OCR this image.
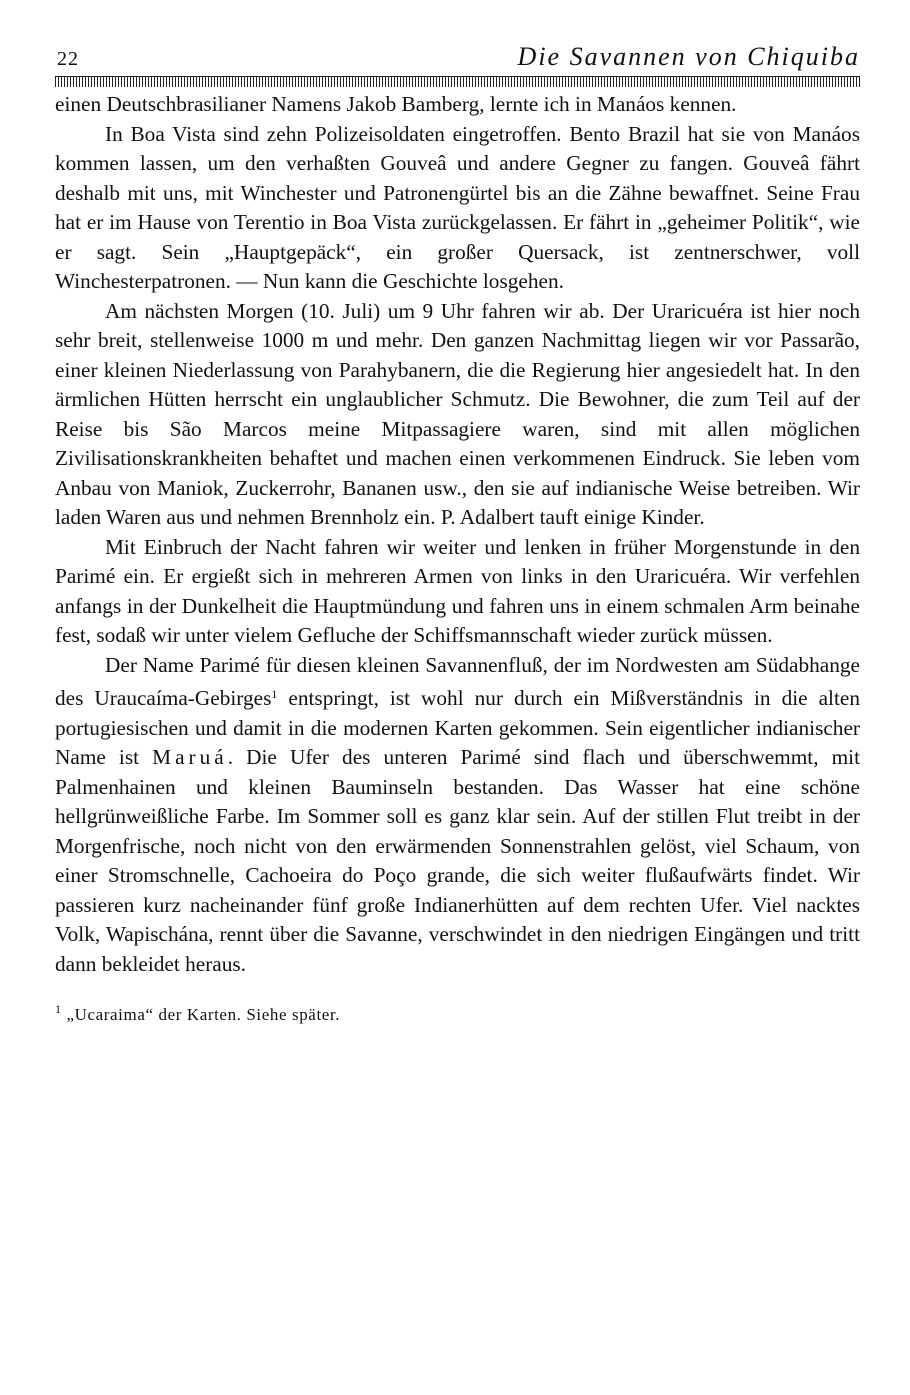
22	Die Savannen von Chiquiba

einen Deutschbrasilianer Namens Jakob Bamberg, lernte ich in Manáos kennen.

In Boa Vista sind zehn Polizeisoldaten eingetroffen. Bento Brazil hat sie von Manáos kommen lassen, um den verhaßten Gouveâ und andere Gegner zu fangen. Gouveâ fährt deshalb mit uns, mit Winchester und Patronengürtel bis an die Zähne bewaffnet. Seine Frau hat er im Hause von Terentio in Boa Vista zurückgelassen. Er fährt in „geheimer Politik“, wie er sagt. Sein „Hauptgepäck“, ein großer Quersack, ist zentnerschwer, voll Winchesterpatronen. — Nun kann die Geschichte losgehen.

Am nächsten Morgen (10. Juli) um 9 Uhr fahren wir ab. Der Uraricuéra ist hier noch sehr breit, stellenweise 1000 m und mehr. Den ganzen Nachmittag liegen wir vor Passarão, einer kleinen Niederlassung von Parahybanern, die die Regierung hier angesiedelt hat. In den ärmlichen Hütten herrscht ein unglaublicher Schmutz. Die Bewohner, die zum Teil auf der Reise bis São Marcos meine Mitpassagiere waren, sind mit allen möglichen Zivilisationskrankheiten behaftet und machen einen verkommenen Eindruck. Sie leben vom Anbau von Maniok, Zuckerrohr, Bananen usw., den sie auf indianische Weise betreiben. Wir laden Waren aus und nehmen Brennholz ein. P. Adalbert tauft einige Kinder.

Mit Einbruch der Nacht fahren wir weiter und lenken in früher Morgenstunde in den Parimé ein. Er ergießt sich in mehreren Armen von links in den Uraricuéra. Wir verfehlen anfangs in der Dunkelheit die Hauptmündung und fahren uns in einem schmalen Arm beinahe fest, sodaß wir unter vielem Gefluche der Schiffsmannschaft wieder zurück müssen.

Der Name Parimé für diesen kleinen Savannenfluß, der im Nordwesten am Südabhange des Uraucaíma-Gebirges$^1$ entspringt, ist wohl nur durch ein Mißverständnis in die alten portugiesischen und damit in die modernen Karten gekommen. Sein eigentlicher indianischer Name ist Maruá. Die Ufer des unteren Parimé sind flach und überschwemmt, mit Palmenhainen und kleinen Bauminseln bestanden. Das Wasser hat eine schöne hellgrünweißliche Farbe. Im Sommer soll es ganz klar sein. Auf der stillen Flut treibt in der Morgenfrische, noch nicht von den erwärmenden Sonnenstrahlen gelöst, viel Schaum, von einer Stromschnelle, Cachoeira do Poço grande, die sich weiter flußaufwärts findet. Wir passieren kurz nacheinander fünf große Indianerhütten auf dem rechten Ufer. Viel nacktes Volk, Wapischána, rennt über die Savanne, verschwindet in den niedrigen Eingängen und tritt dann bekleidet heraus.

$^1$ „Ucaraima“ der Karten. Siehe später.
